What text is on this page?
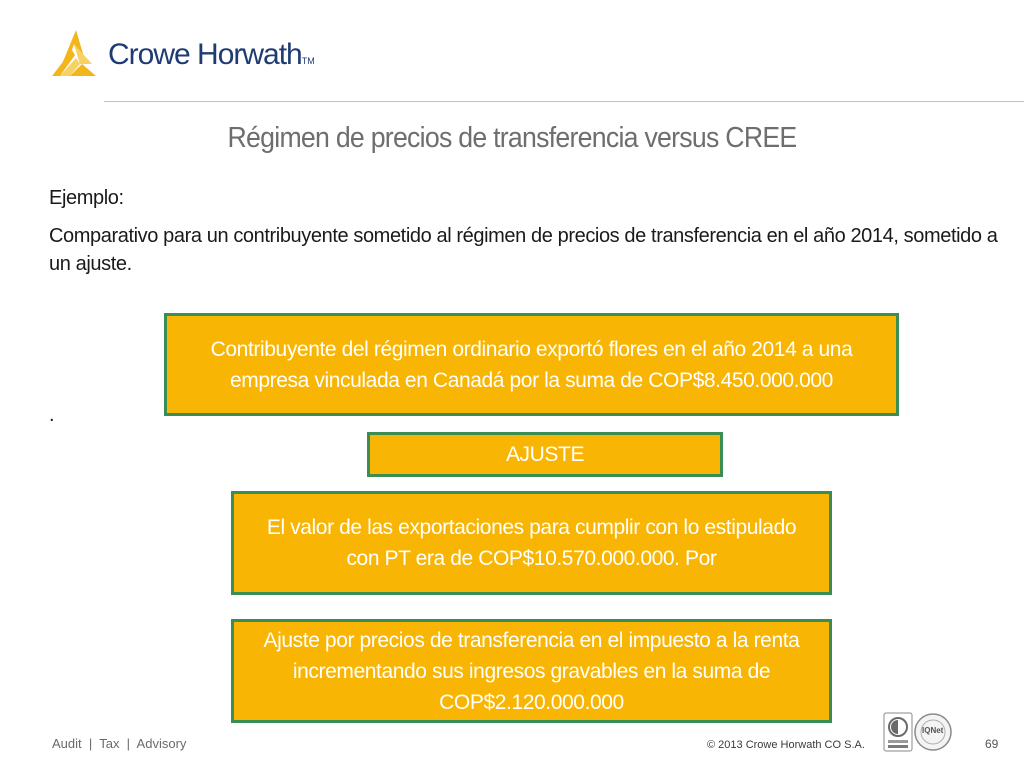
Crowe HorwathTM
Régimen de precios de transferencia versus CREE
Ejemplo:
Comparativo para un contribuyente sometido al régimen de precios de transferencia en el año 2014, sometido a un ajuste.
.
Contribuyente del régimen ordinario exportó flores en el año 2014 a una empresa vinculada en Canadá por la suma de COP$8.450.000.000
AJUSTE
El valor de las exportaciones para cumplir con lo estipulado con PT era de COP$10.570.000.000. Por
Ajuste por precios de transferencia en el impuesto a la renta incrementando sus ingresos gravables en la suma de COP$2.120.000.000
Audit  |  Tax  |  Advisory	© 2013 Crowe Horwath CO S.A.
IQNet
69
